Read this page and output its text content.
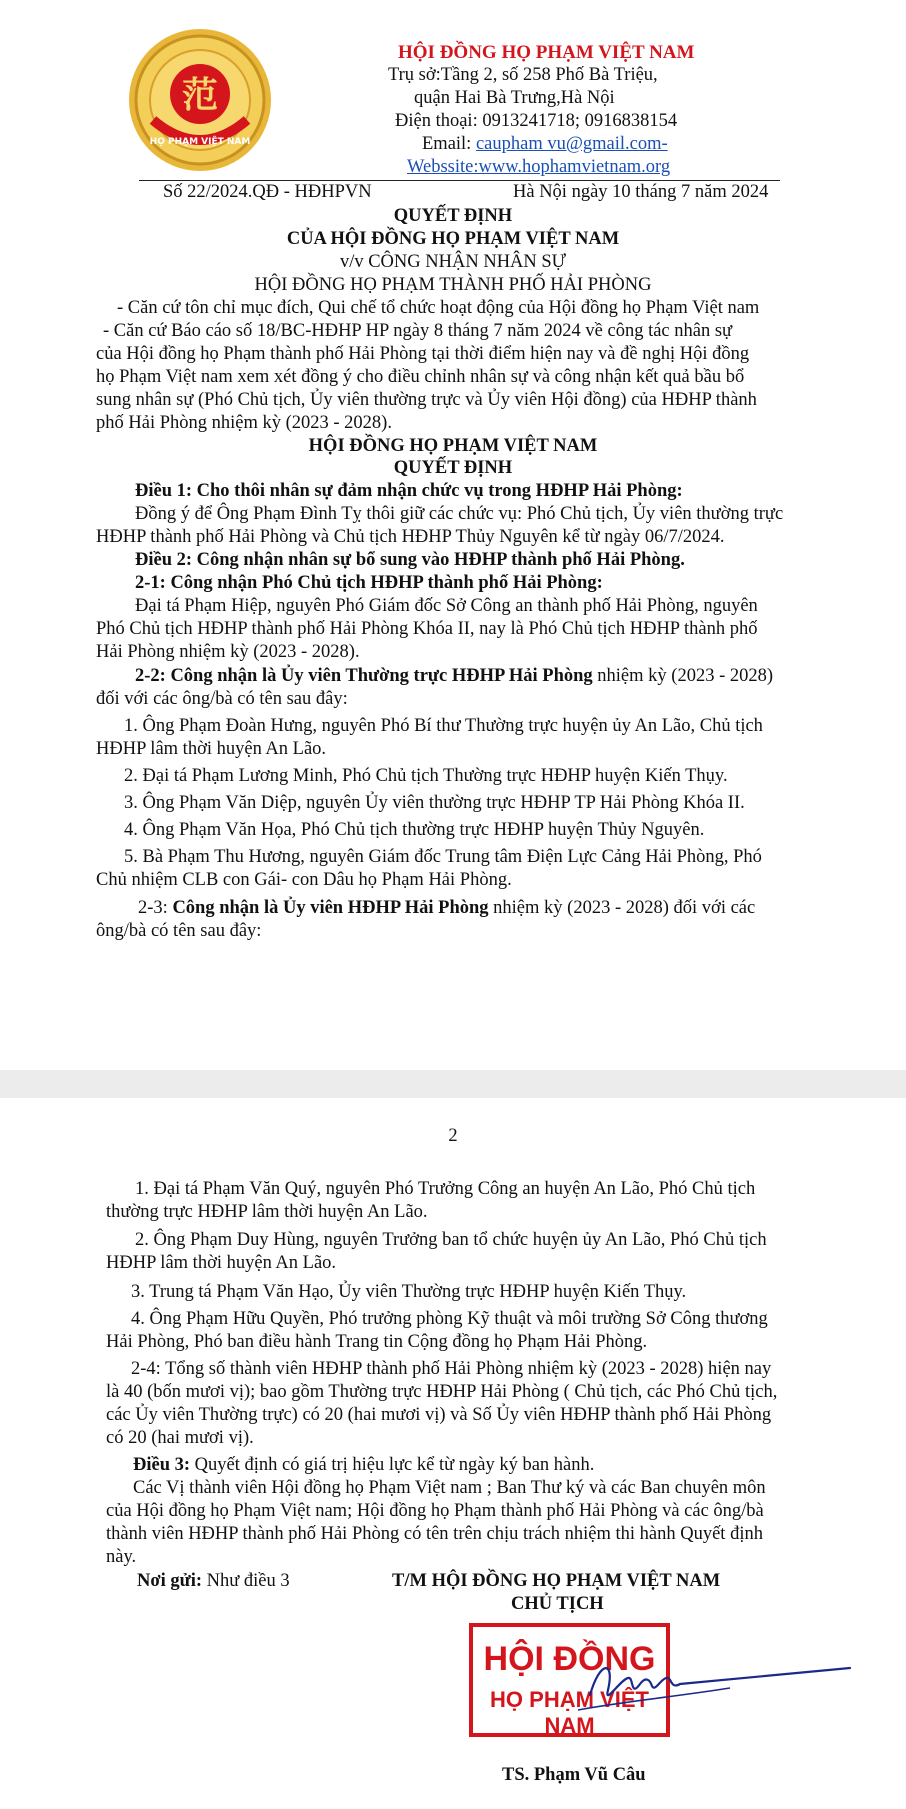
范
HỌ PHẠM VIỆT NAM
HỘI ĐỒNG HỌ PHẠM VIỆT NAM
Trụ sở:Tầng 2, số 258 Phố Bà Triệu,
quận Hai Bà Trưng,Hà Nội
Điện thoại: 0913241718; 0916838154
Email: caupham vu@gmail.com-
Webssite:www.hophamvietnam.org
Số 22/2024.QĐ - HĐHPVN	Hà Nội ngày 10 tháng 7 năm 2024
QUYẾT ĐỊNH
CỦA HỘI ĐỒNG HỌ PHẠM VIỆT NAM
v/v CÔNG NHẬN NHÂN SỰ
HỘI ĐỒNG HỌ PHẠM THÀNH PHỐ HẢI PHÒNG
- Căn cứ tôn chỉ mục đích, Qui chế tổ chức hoạt động của Hội đồng họ Phạm Việt nam
- Căn cứ Báo cáo số 18/BC-HĐHP HP ngày 8 tháng 7 năm 2024 về công tác nhân sự
của Hội đồng họ Phạm thành phố Hải Phòng tại thời điểm hiện nay và đề nghị Hội đồng
họ Phạm Việt nam xem xét đồng ý cho điều chỉnh nhân sự và công nhận kết quả bầu bổ
sung nhân sự (Phó Chủ tịch, Ủy viên thường trực và Ủy viên Hội đồng) của HĐHP thành
phố Hải Phòng nhiệm kỳ (2023 - 2028).
HỘI ĐỒNG HỌ PHẠM VIỆT NAM
QUYẾT ĐỊNH
Điều 1: Cho thôi nhân sự đảm nhận chức vụ trong HĐHP Hải Phòng:
Đồng ý để Ông Phạm Đình Tỵ thôi giữ các chức vụ: Phó Chủ tịch, Ủy viên thường trực
HĐHP thành phố Hải Phòng và Chủ tịch HĐHP Thủy Nguyên kể từ ngày 06/7/2024.
Điều 2: Công nhận nhân sự bổ sung vào HĐHP thành phố Hải Phòng.
2-1: Công nhận Phó Chủ tịch HĐHP thành phố Hải Phòng:
Đại tá Phạm Hiệp, nguyên Phó Giám đốc Sở Công an thành phố Hải Phòng, nguyên
Phó Chủ tịch HĐHP thành phố Hải Phòng Khóa II, nay là Phó Chủ tịch HĐHP thành phố
Hải Phòng nhiệm kỳ (2023 - 2028).
2-2: Công nhận là Ủy viên Thường trực HĐHP Hải Phòng nhiệm kỳ (2023 - 2028)
đối với các ông/bà có tên sau đây:
1. Ông Phạm Đoàn Hưng, nguyên Phó Bí thư Thường trực huyện ủy An Lão, Chủ tịch
HĐHP lâm thời huyện An Lão.
2. Đại tá Phạm Lương Minh, Phó Chủ tịch Thường trực HĐHP huyện Kiến Thụy.
3. Ông Phạm Văn Diệp, nguyên Ủy viên thường trực HĐHP TP Hải Phòng Khóa II.
4. Ông Phạm Văn Họa, Phó Chủ tịch thường trực HĐHP huyện Thủy Nguyên.
5. Bà Phạm Thu Hương, nguyên Giám đốc Trung tâm Điện Lực Cảng Hải Phòng, Phó
Chủ nhiệm CLB con Gái- con Dâu họ Phạm Hải Phòng.
2-3: Công nhận là Ủy viên HĐHP Hải Phòng nhiệm kỳ (2023 - 2028) đối với các
ông/bà có tên sau đây:
2
1. Đại tá Phạm Văn Quý, nguyên Phó Trưởng Công an huyện An Lão, Phó Chủ tịch
thường trực HĐHP lâm thời huyện An Lão.
2. Ông Phạm Duy Hùng, nguyên Trưởng ban tổ chức huyện ủy An Lão, Phó Chủ tịch
HĐHP lâm thời huyện An Lão.
3. Trung tá Phạm Văn Hạo, Ủy viên Thường trực HĐHP huyện Kiến Thụy.
4. Ông Phạm Hữu Quyền, Phó trưởng phòng Kỹ thuật và môi trường Sở Công thương
Hải Phòng, Phó ban điều hành Trang tin Cộng đồng họ Phạm Hải Phòng.
2-4: Tổng số thành viên HĐHP thành phố Hải Phòng nhiệm kỳ (2023 - 2028) hiện nay
là 40 (bốn mươi vị); bao gồm Thường trực HĐHP Hải Phòng ( Chủ tịch, các Phó Chủ tịch,
các Ủy viên Thường trực) có 20 (hai mươi vị) và Số Ủy viên HĐHP thành phố Hải Phòng
có 20 (hai mươi vị).
Điều 3: Quyết định có giá trị hiệu lực kể từ ngày ký ban hành.
Các Vị thành viên Hội đồng họ Phạm Việt nam ; Ban Thư ký và các Ban chuyên môn
của Hội đồng họ Phạm Việt nam; Hội đồng họ Phạm thành phố Hải Phòng và các ông/bà
thành viên HĐHP thành phố Hải Phòng có tên trên chịu trách nhiệm thi hành Quyết định
này.
Nơi gửi: Như điều 3	T/M HỘI ĐỒNG HỌ PHẠM VIỆT NAM
CHỦ TỊCH
HỘI ĐỒNG
HỌ PHẠM VIỆT NAM
TS. Phạm Vũ Câu
